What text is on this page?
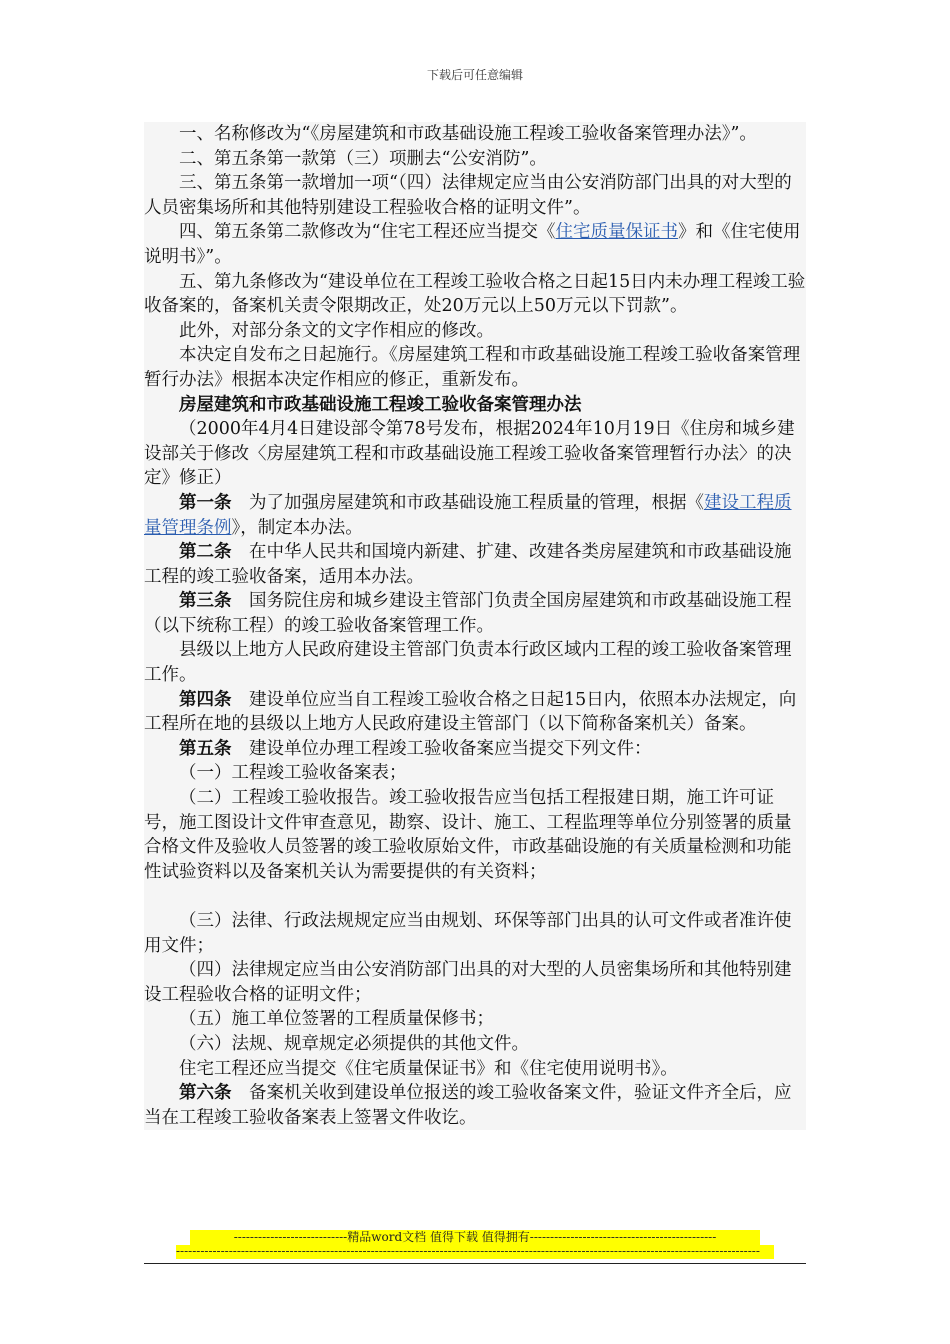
下载后可任意编辑

一、名称修改为“《房屋建筑和市政基础设施工程竣工验收备案管理办法》”。

二、第五条第一款第（三）项删去“公安消防”。

三、第五条第一款增加一项“（四）法律规定应当由公安消防部门出具的对大型的人员密集场所和其他特别建设工程验收合格的证明文件”。

四、第五条第二款修改为“住宅工程还应当提交《住宅质量保证书》和《住宅使用说明书》”。

五、第九条修改为“建设单位在工程竣工验收合格之日起15日内未办理工程竣工验收备案的，备案机关责令限期改正，处20万元以上50万元以下罚款”。

此外，对部分条文的文字作相应的修改。

本决定自发布之日起施行。《房屋建筑工程和市政基础设施工程竣工验收备案管理暂行办法》根据本决定作相应的修正，重新发布。

房屋建筑和市政基础设施工程竣工验收备案管理办法

（2000年4月4日建设部令第78号发布，根据2024年10月19日《住房和城乡建设部关于修改〈房屋建筑工程和市政基础设施工程竣工验收备案管理暂行办法〉的决定》修正）

第一条　为了加强房屋建筑和市政基础设施工程质量的管理，根据《建设工程质量管理条例》，制定本办法。

第二条　在中华人民共和国境内新建、扩建、改建各类房屋建筑和市政基础设施工程的竣工验收备案，适用本办法。

第三条　国务院住房和城乡建设主管部门负责全国房屋建筑和市政基础设施工程（以下统称工程）的竣工验收备案管理工作。

县级以上地方人民政府建设主管部门负责本行政区域内工程的竣工验收备案管理工作。

第四条　建设单位应当自工程竣工验收合格之日起15日内，依照本办法规定，向工程所在地的县级以上地方人民政府建设主管部门（以下简称备案机关）备案。

第五条　建设单位办理工程竣工验收备案应当提交下列文件：

（一）工程竣工验收备案表；

（二）工程竣工验收报告。竣工验收报告应当包括工程报建日期，施工许可证号，施工图设计文件审查意见，勘察、设计、施工、工程监理等单位分别签署的质量合格文件及验收人员签署的竣工验收原始文件，市政基础设施的有关质量检测和功能性试验资料以及备案机关认为需要提供的有关资料；

（三）法律、行政法规规定应当由规划、环保等部门出具的认可文件或者准许使用文件；

（四）法律规定应当由公安消防部门出具的对大型的人员密集场所和其他特别建设工程验收合格的证明文件；

（五）施工单位签署的工程质量保修书；

（六）法规、规章规定必须提供的其他文件。

住宅工程还应当提交《住宅质量保证书》和《住宅使用说明书》。

第六条　备案机关收到建设单位报送的竣工验收备案文件，验证文件齐全后，应当在工程竣工验收备案表上签署文件收讫。

----------------------------精品word文档 值得下载 值得拥有----------------------------------------------
------------------------------------------------------------------------------------------------------------------------------------------------
